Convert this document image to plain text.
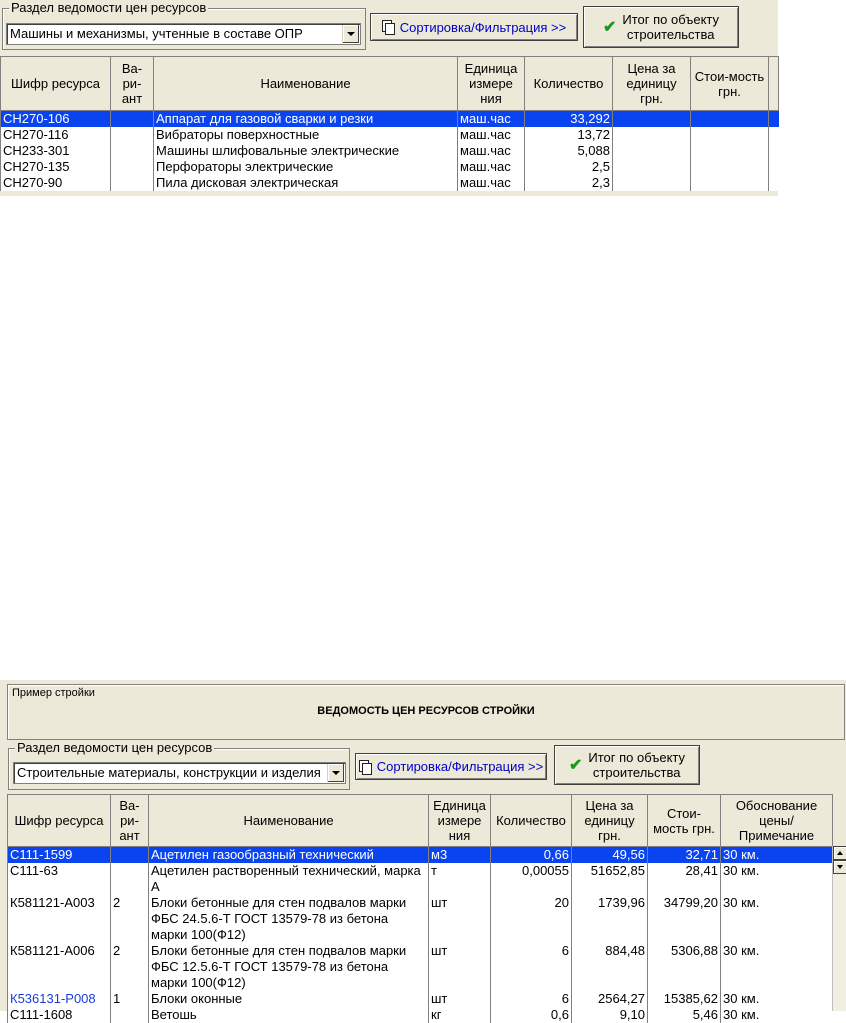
Раздел ведомости цен ресурсов
Машины и механизмы, учтенные в составе ОПР	Сортировка/Фильтрация >> ✔ Итог по объекту
строительства
Шифр ресурса	Ва-ри-ант	Наименование	Единица измере ния	Количество	Цена за единицу грн.	Стои-мость грн.	
СН270-106		Аппарат для газовой сварки и резки	маш.час	33,292			
СН270-116		Вибраторы поверхностные	маш.час	13,72			
СН233-301		Машины шлифовальные электрические	маш.час	5,088			
СН270-135		Перфораторы электрические	маш.час	2,5			
СН270-90		Пила дисковая электрическая	маш.час	2,3			
Пример стройки
ВЕДОМОСТЬ ЦЕН РЕСУРСОВ СТРОЙКИ
Раздел ведомости цен ресурсов
Строительные материалы, конструкции и изделия	Сортировка/Фильтрация >> ✔ Итог по объекту
строительства
Шифр ресурса	Ва-ри-ант	Наименование	Единица измере ния	Количество	Цена за единицу грн.	Стои-мость грн.	Обоснование цены/ Примечание
С111-1599		Ацетилен газообразный технический	м3	0,66	49,56	32,71	30 км.
С111-63		Ацетилен растворенный технический, марка А	т	0,00055	51652,85	28,41	30 км.
К581121-А003	2	Блоки бетонные для стен подвалов марки ФБС 24.5.6-Т ГОСТ 13579-78 из бетона марки 100(Ф12)	шт	20	1739,96	34799,20	30 км.
К581121-А006	2	Блоки бетонные для стен подвалов марки ФБС 12.5.6-Т ГОСТ 13579-78 из бетона марки 100(Ф12)	шт	6	884,48	5306,88	30 км.
К536131-Р008	1	Блоки оконные	шт	6	2564,27	15385,62	30 км.
С111-1608		Ветошь	кг	0,6	9,10	5,46	30 км.
